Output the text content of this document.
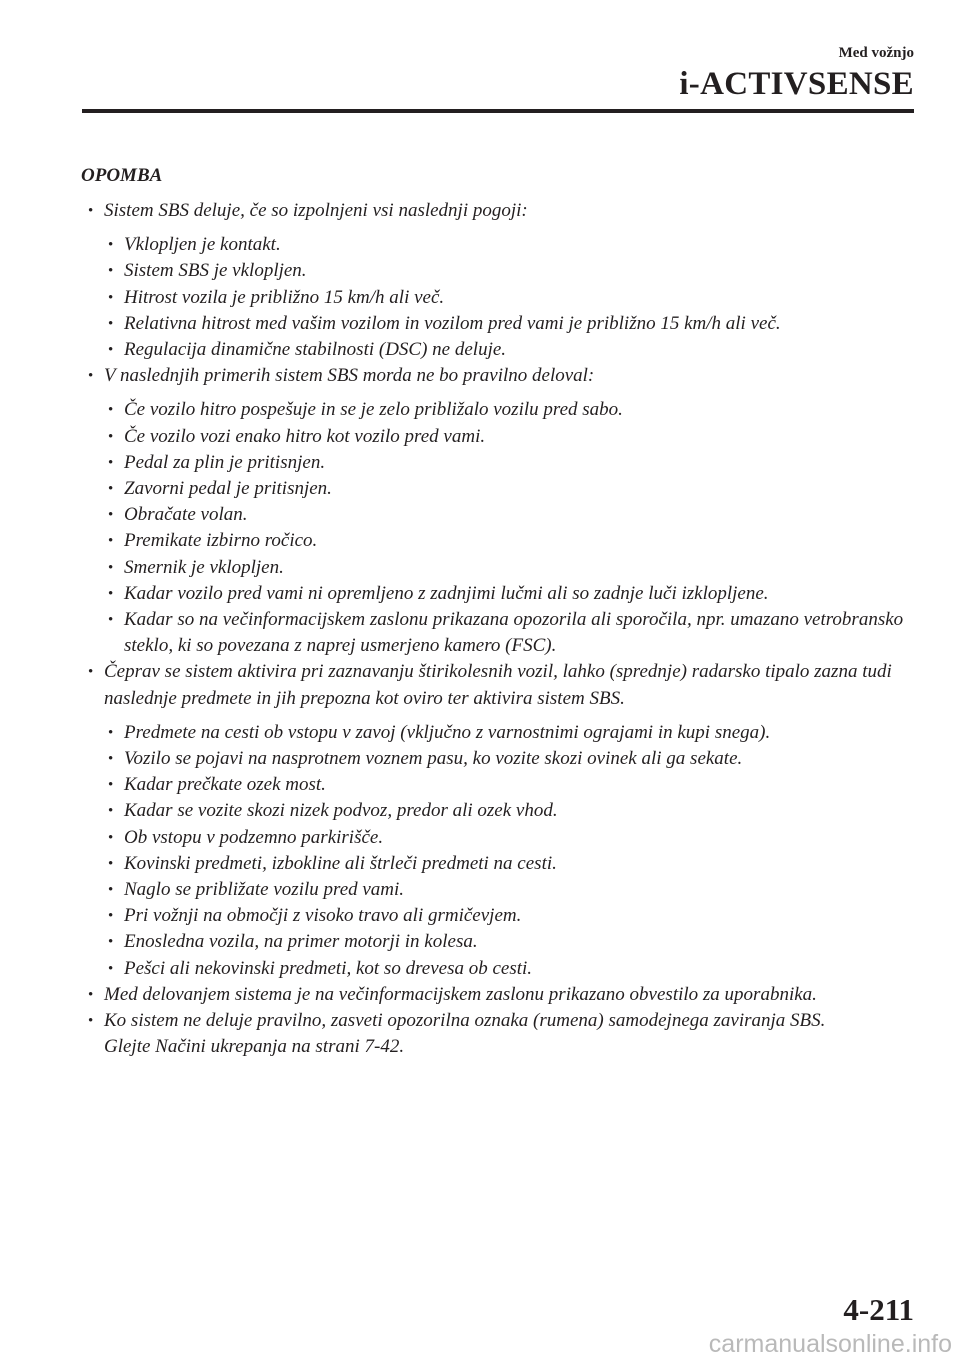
Med vožnjo
i-ACTIVSENSE
OPOMBA
• Sistem SBS deluje, če so izpolnjeni vsi naslednji pogoji:
• Vklopljen je kontakt.
• Sistem SBS je vklopljen.
• Hitrost vozila je približno 15 km/h ali več.
• Relativna hitrost med vašim vozilom in vozilom pred vami je približno 15 km/h ali več.
• Regulacija dinamične stabilnosti (DSC) ne deluje.
• V naslednjih primerih sistem SBS morda ne bo pravilno deloval:
• Če vozilo hitro pospešuje in se je zelo približalo vozilu pred sabo.
• Če vozilo vozi enako hitro kot vozilo pred vami.
• Pedal za plin je pritisnjen.
• Zavorni pedal je pritisnjen.
• Obračate volan.
• Premikate izbirno ročico.
• Smernik je vklopljen.
• Kadar vozilo pred vami ni opremljeno z zadnjimi lučmi ali so zadnje luči izklopljene.
• Kadar so na večinformacijskem zaslonu prikazana opozorila ali sporočila, npr. umazano vetrobransko steklo, ki so povezana z naprej usmerjeno kamero (FSC).
• Čeprav se sistem aktivira pri zaznavanju štirikolesnih vozil, lahko (sprednje) radarsko tipalo zazna tudi naslednje predmete in jih prepozna kot oviro ter aktivira sistem SBS.
• Predmete na cesti ob vstopu v zavoj (vključno z varnostnimi ograjami in kupi snega).
• Vozilo se pojavi na nasprotnem voznem pasu, ko vozite skozi ovinek ali ga sekate.
• Kadar prečkate ozek most.
• Kadar se vozite skozi nizek podvoz, predor ali ozek vhod.
• Ob vstopu v podzemno parkirišče.
• Kovinski predmeti, izbokline ali štrleči predmeti na cesti.
• Naglo se približate vozilu pred vami.
• Pri vožnji na območji z visoko travo ali grmičevjem.
• Enosledna vozila, na primer motorji in kolesa.
• Pešci ali nekovinski predmeti, kot so drevesa ob cesti.
• Med delovanjem sistema je na večinformacijskem zaslonu prikazano obvestilo za uporabnika.
• Ko sistem ne deluje pravilno, zasveti opozorilna oznaka (rumena) samodejnega zaviranja SBS.
Glejte Načini ukrepanja na strani 7-42.
4-211
carmanualsonline.info
